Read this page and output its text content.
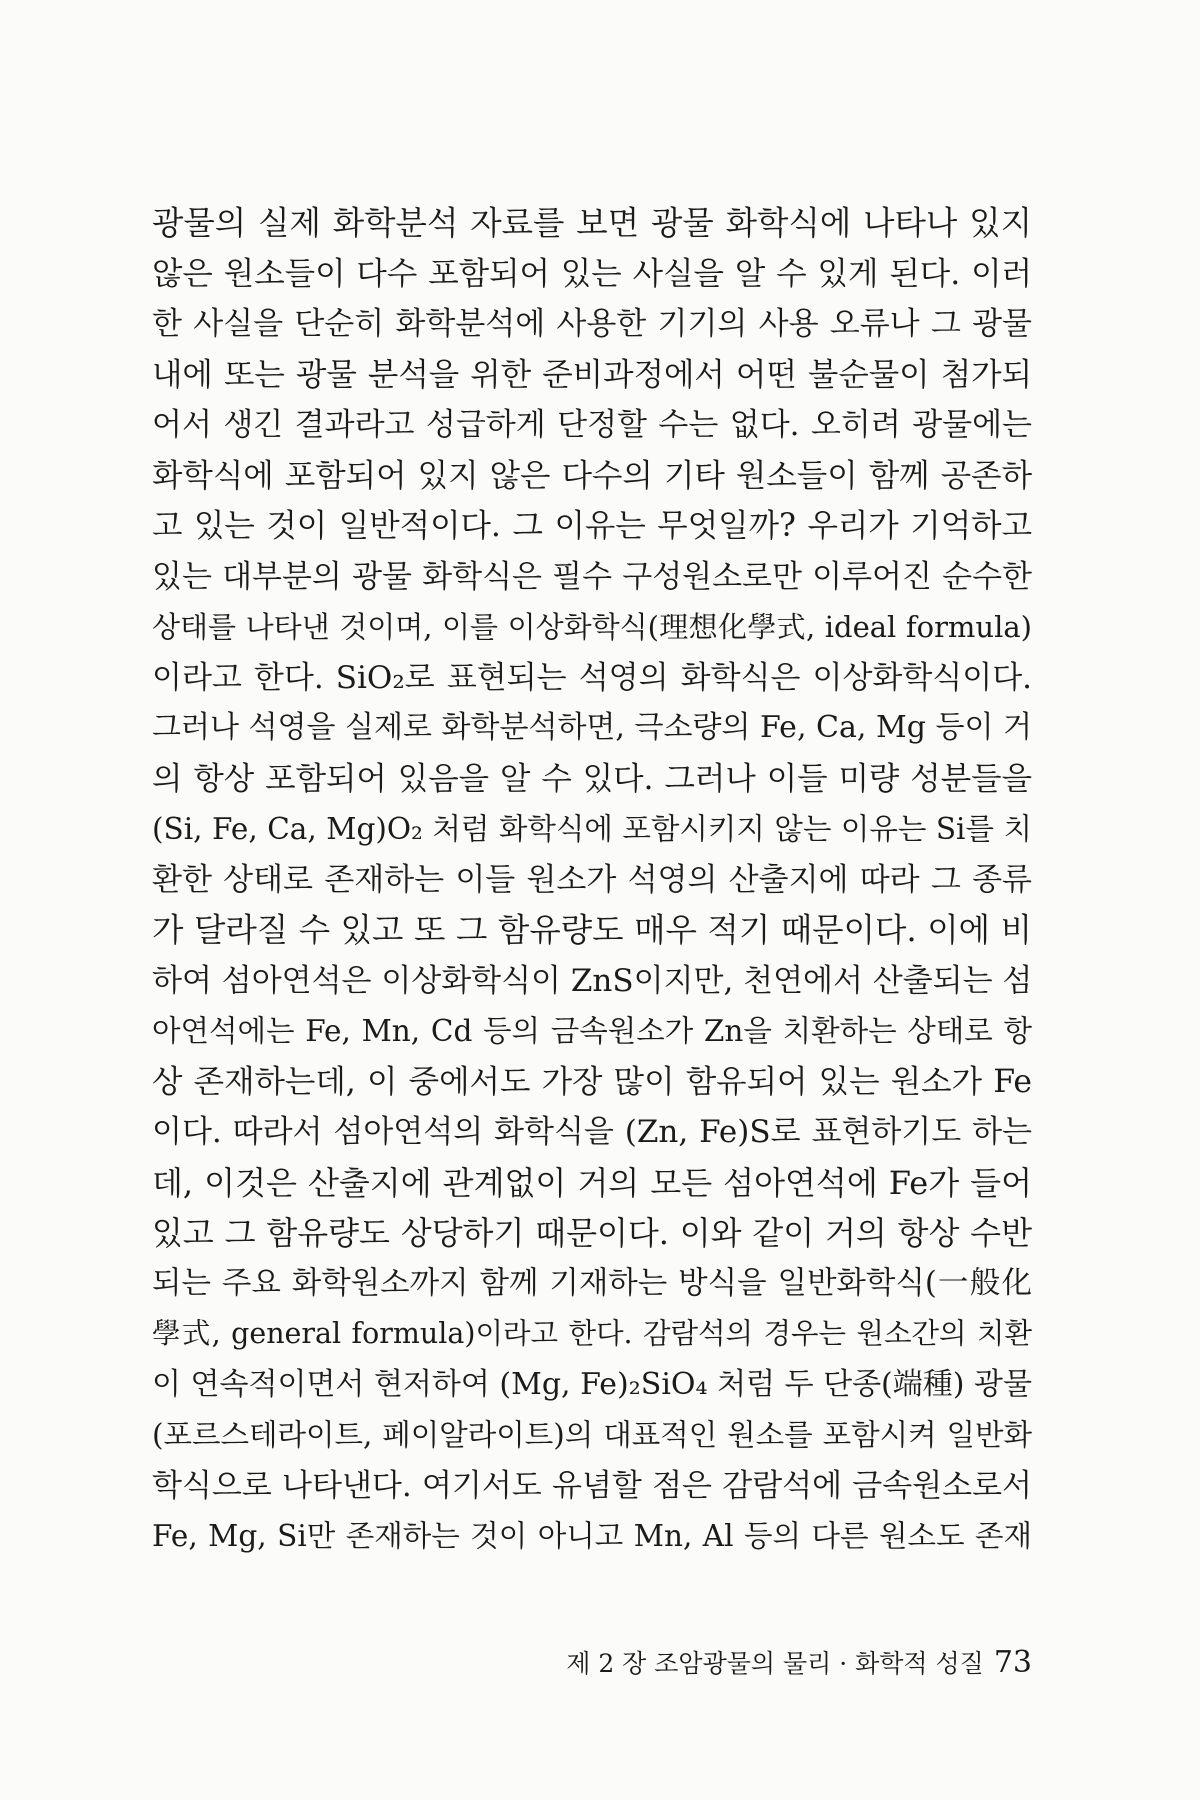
광물의 실제 화학분석 자료를 보면 광물 화학식에 나타나 있지
않은 원소들이 다수 포함되어 있는 사실을 알 수 있게 된다. 이러
한 사실을 단순히 화학분석에 사용한 기기의 사용 오류나 그 광물
내에 또는 광물 분석을 위한 준비과정에서 어떤 불순물이 첨가되
어서 생긴 결과라고 성급하게 단정할 수는 없다. 오히려 광물에는
화학식에 포함되어 있지 않은 다수의 기타 원소들이 함께 공존하
고 있는 것이 일반적이다. 그 이유는 무엇일까? 우리가 기억하고
있는 대부분의 광물 화학식은 필수 구성원소로만 이루어진 순수한
상태를 나타낸 것이며, 이를 이상화학식(理想化學式, ideal formula)
이라고 한다. SiO₂로 표현되는 석영의 화학식은 이상화학식이다.
그러나 석영을 실제로 화학분석하면, 극소량의 Fe, Ca, Mg 등이 거
의 항상 포함되어 있음을 알 수 있다. 그러나 이들 미량 성분들을
(Si, Fe, Ca, Mg)O₂ 처럼 화학식에 포함시키지 않는 이유는 Si를 치
환한 상태로 존재하는 이들 원소가 석영의 산출지에 따라 그 종류
가 달라질 수 있고 또 그 함유량도 매우 적기 때문이다. 이에 비
하여 섬아연석은 이상화학식이 ZnS이지만, 천연에서 산출되는 섬
아연석에는 Fe, Mn, Cd 등의 금속원소가 Zn을 치환하는 상태로 항
상 존재하는데, 이 중에서도 가장 많이 함유되어 있는 원소가 Fe
이다. 따라서 섬아연석의 화학식을 (Zn, Fe)S로 표현하기도 하는
데, 이것은 산출지에 관계없이 거의 모든 섬아연석에 Fe가 들어
있고 그 함유량도 상당하기 때문이다. 이와 같이 거의 항상 수반
되는 주요 화학원소까지 함께 기재하는 방식을 일반화학식(一般化
學式, general formula)이라고 한다. 감람석의 경우는 원소간의 치환
이 연속적이면서 현저하여 (Mg, Fe)₂SiO₄ 처럼 두 단종(端種) 광물
(포르스테라이트, 페이알라이트)의 대표적인 원소를 포함시켜 일반화
학식으로 나타낸다. 여기서도 유념할 점은 감람석에 금속원소로서
Fe, Mg, Si만 존재하는 것이 아니고 Mn, Al 등의 다른 원소도 존재
제 2 장 조암광물의 물리 · 화학적 성질 73
